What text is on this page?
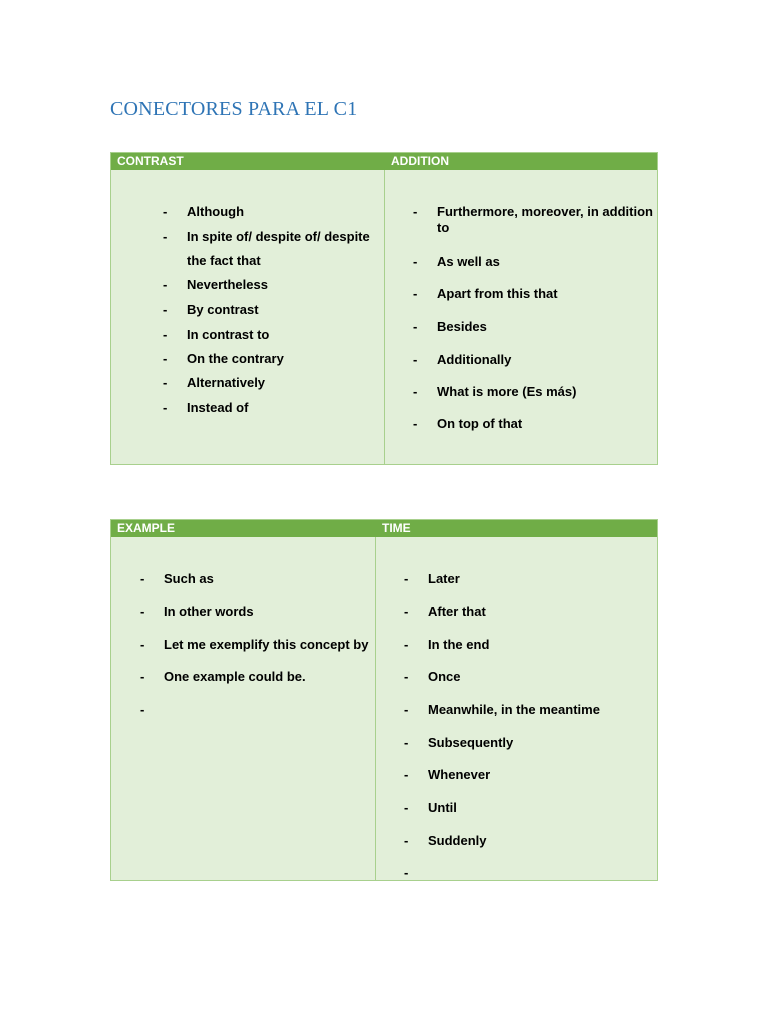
CONECTORES PARA EL C1
CONTRAST	ADDITION
- Although
- In spite of/ despite of/ despite
the fact that
- Nevertheless
- By contrast
- In contrast to
- On the contrary
- Alternatively
- Instead of
- Furthermore, moreover, in addition
to
- As well as
- Apart from this that
- Besides
- Additionally
- What is more (Es más)
- On top of that
EXAMPLE	TIME
- Such as
- In other words
- Let me exemplify this concept by
- One example could be.
-
- Later
- After that
- In the end
- Once
- Meanwhile, in the meantime
- Subsequently
- Whenever
- Until
- Suddenly
-
